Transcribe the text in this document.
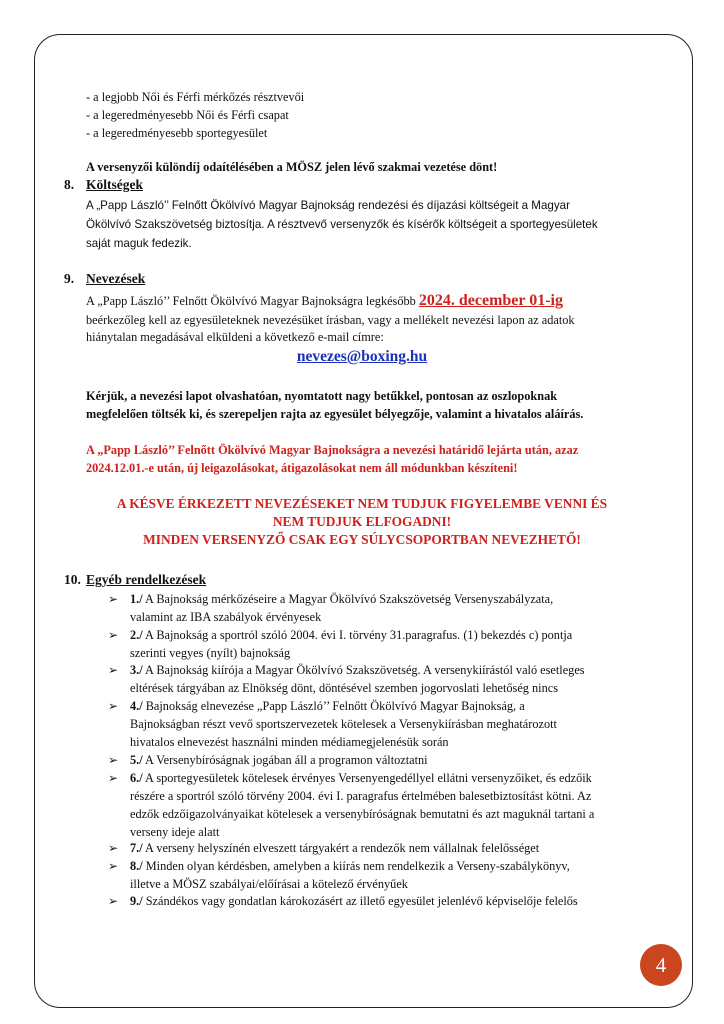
- a legjobb Női és Férfi mérkőzés résztvevői
- a legeredményesebb Női és Férfi csapat
- a legeredményesebb sportegyesület
A versenyzői különdíj odaítélésében a MÖSZ jelen lévő szakmai vezetése dönt!
8. Költségek
A „Papp László’’ Felnőtt Ökölvívó Magyar Bajnokság rendezési és díjazási költségeit a Magyar
Ökölvívó Szakszövetség biztosítja. A résztvevő versenyzők és kísérők költségeit a sportegyesületek
saját maguk fedezik.
9. Nevezések
A „Papp László’’ Felnőtt Ökölvívó Magyar Bajnokságra legkésőbb 2024. december 01-ig
beérkezőleg kell az egyesületeknek nevezésüket írásban, vagy a mellékelt nevezési lapon az adatok
hiánytalan megadásával elküldeni a következő e-mail címre:
nevezes@boxing.hu
Kérjük, a nevezési lapot olvashatóan, nyomtatott nagy betűkkel, pontosan az oszlopoknak
megfelelően töltsék ki, és szerepeljen rajta az egyesület bélyegzője, valamint a hivatalos aláírás.
A „Papp László’’ Felnőtt Ökölvívó Magyar Bajnokságra a nevezési határidő lejárta után, azaz
2024.12.01.-e után, új leigazolásokat, átigazolásokat nem áll módunkban készíteni!
A KÉSVE ÉRKEZETT NEVEZÉSEKET NEM TUDJUK FIGYELEMBE VENNI ÉS
NEM TUDJUK ELFOGADNI!
MINDEN VERSENYZŐ CSAK EGY SÚLYCSOPORTBAN NEVEZHETŐ!
10. Egyéb rendelkezések
➢ 1./ A Bajnokság mérkőzéseire a Magyar Ökölvívó Szakszövetség Versenyszabályzata,
valamint az IBA szabályok érvényesek
➢ 2./ A Bajnokság a sportról szóló 2004. évi I. törvény 31.paragrafus. (1) bekezdés c) pontja
szerinti vegyes (nyílt) bajnokság
➢ 3./ A Bajnokság kiírója a Magyar Ökölvívó Szakszövetség. A versenykiírástól való esetleges
eltérések tárgyában az Elnökség dönt, döntésével szemben jogorvoslati lehetőség nincs
➢ 4./ Bajnokság elnevezése „Papp László’’ Felnőtt Ökölvívó Magyar Bajnokság, a
Bajnokságban részt vevő sportszervezetek kötelesek a Versenykiírásban meghatározott
hivatalos elnevezést használni minden médiamegjelenésük során
➢ 5./ A Versenybíróságnak jogában áll a programon változtatni
➢ 6./ A sportegyesületek kötelesek érvényes Versenyengedéllyel ellátni versenyzőiket, és edzőik
részére a sportról szóló törvény 2004. évi I. paragrafus értelmében balesetbiztosítást kötni. Az
edzők edzőigazolványaikat kötelesek a versenybíróságnak bemutatni és azt maguknál tartani a
verseny ideje alatt
➢ 7./ A verseny helyszínén elveszett tárgyakért a rendezők nem vállalnak felelősséget
➢ 8./ Minden olyan kérdésben, amelyben a kiírás nem rendelkezik a Verseny-szabálykönyv,
illetve a MÖSZ szabályai/előírásai a kötelező érvényűek
➢ 9./ Szándékos vagy gondatlan károkozásért az illető egyesület jelenlévő képviselője felelős
4
